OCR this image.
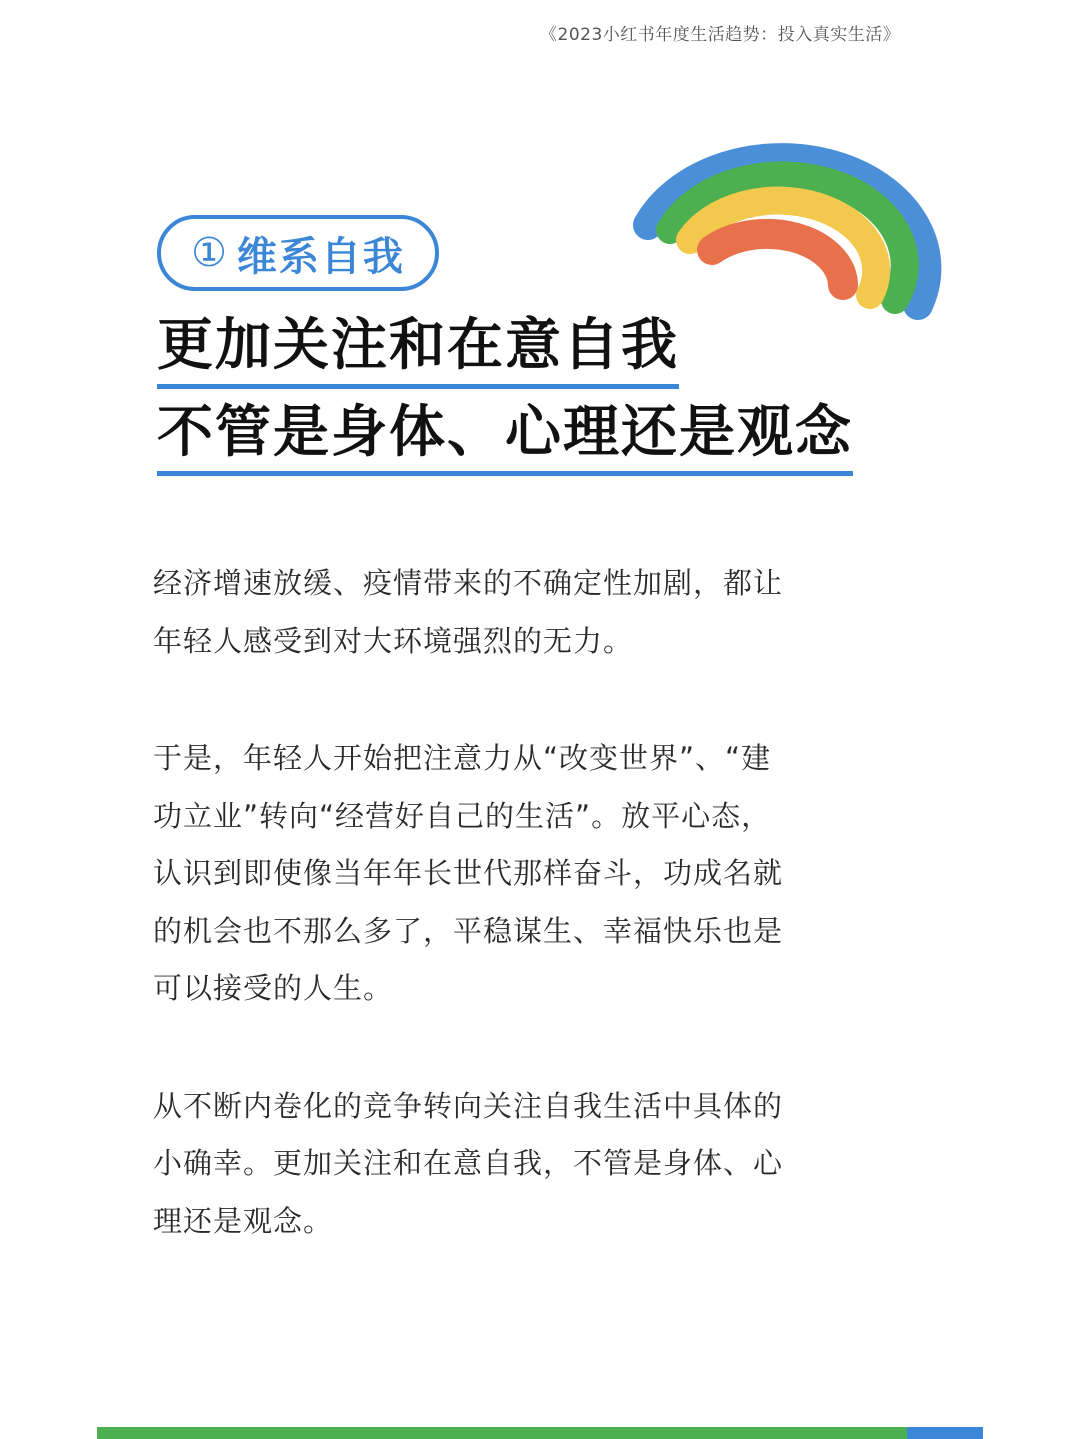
《2023小红书年度生活趋势：投入真实生活》
① 维系自我
更加关注和在意自我
不管是身体、心理还是观念

经济增速放缓、疫情带来的不确定性加剧，都让年轻人感受到对大环境强烈的无力。

于是，年轻人开始把注意力从“改变世界”、“建功立业”转向“经营好自己的生活”。放平心态，认识到即使像当年年长世代那样奋斗，功成名就的机会也不那么多了，平稳谋生、幸福快乐也是可以接受的人生。

从不断内卷化的竞争转向关注自我生活中具体的小确幸。更加关注和在意自我，不管是身体、心理还是观念。
